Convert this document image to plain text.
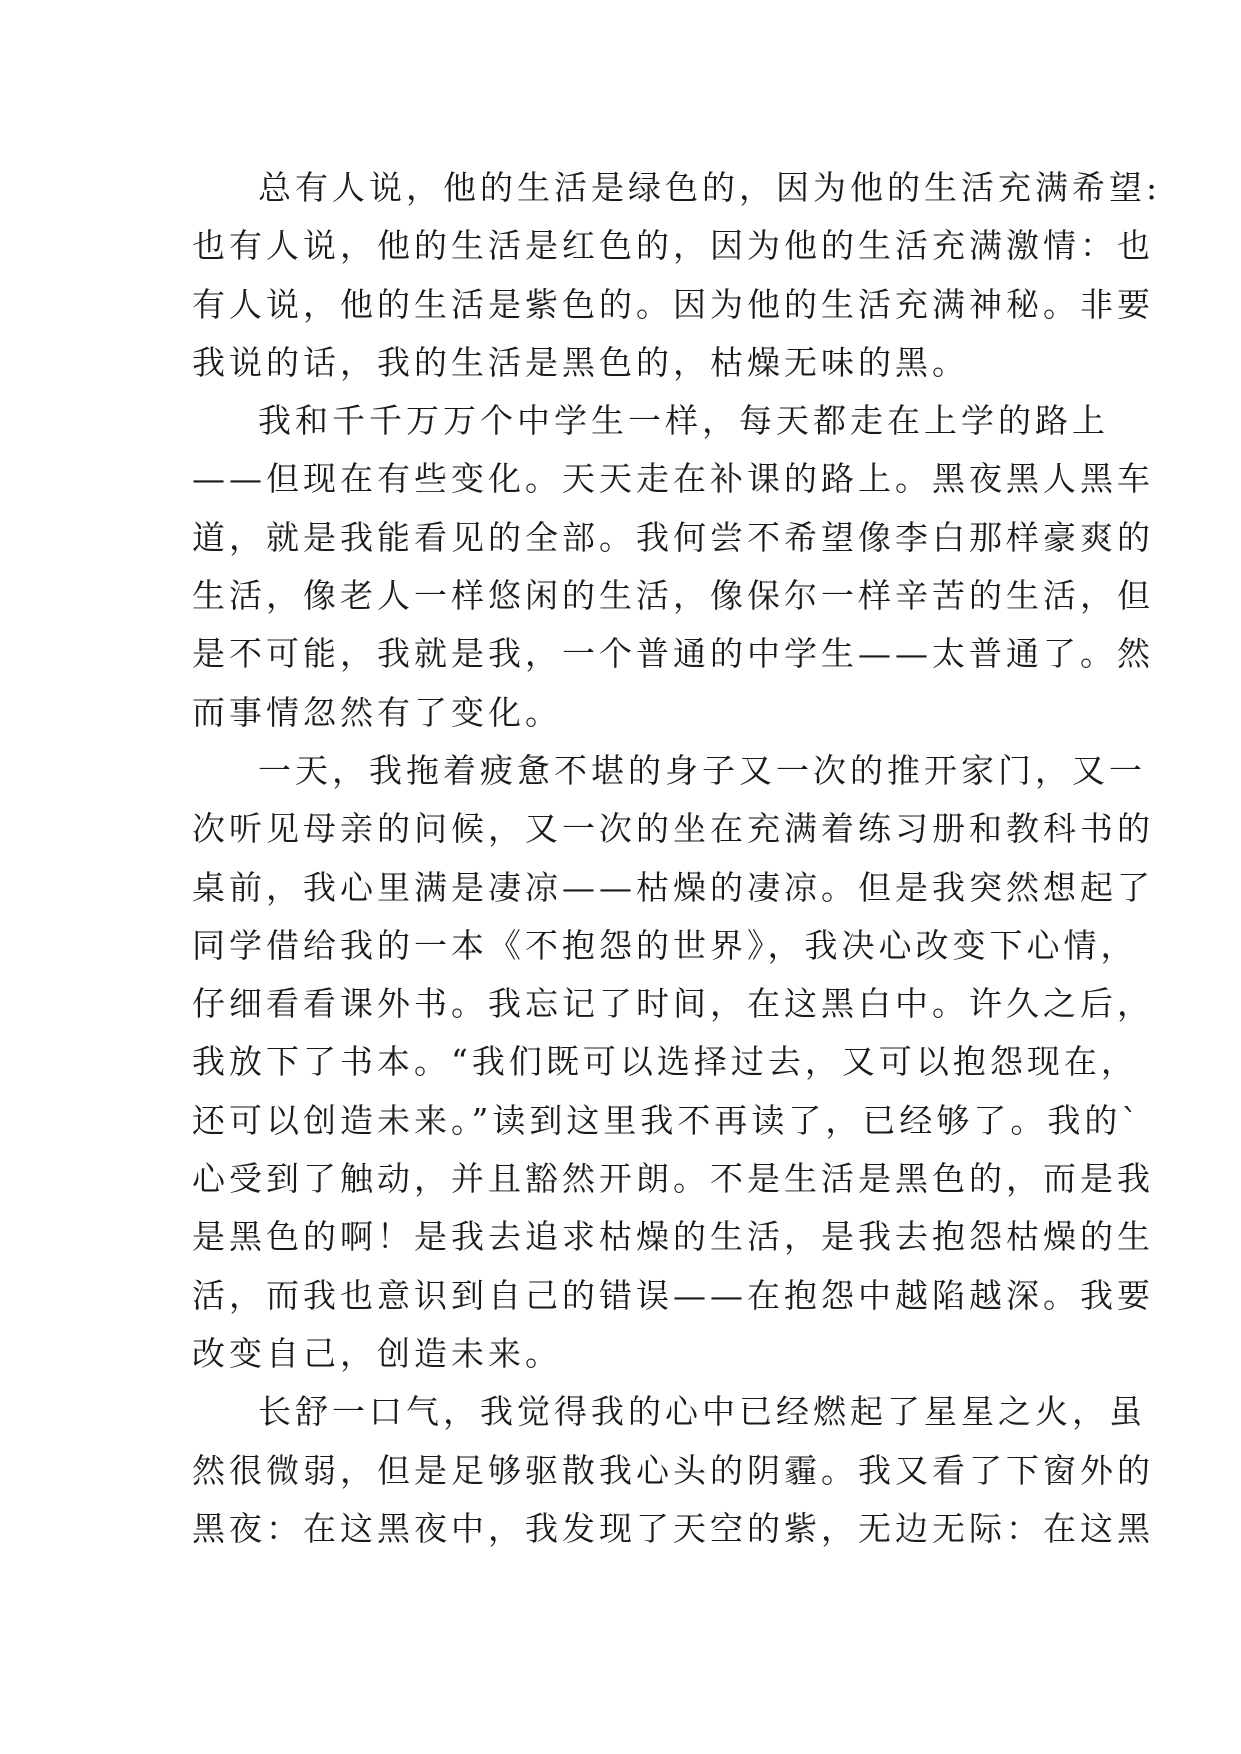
总有人说，他的生活是绿色的，因为他的生活充满希望:
也有人说，他的生活是红色的，因为他的生活充满激情：也
有人说，他的生活是紫色的。因为他的生活充满神秘。非要
我说的话，我的生活是黑色的，枯燥无味的黑。
我和千千万万个中学生一样，每天都走在上学的路上
——但现在有些变化。天天走在补课的路上。黑夜黑人黑车
道，就是我能看见的全部。我何尝不希望像李白那样豪爽的
生活，像老人一样悠闲的生活，像保尔一样辛苦的生活，但
是不可能，我就是我，一个普通的中学生——太普通了。然
而事情忽然有了变化。
一天，我拖着疲惫不堪的身子又一次的推开家门，又一
次听见母亲的问候，又一次的坐在充满着练习册和教科书的
桌前，我心里满是凄凉——枯燥的凄凉。但是我突然想起了
同学借给我的一本《不抱怨的世界》，我决心改变下心情，
仔细看看课外书。我忘记了时间，在这黑白中。许久之后，
我放下了书本。“我们既可以选择过去，又可以抱怨现在，
还可以创造未来。”读到这里我不再读了，已经够了。我的`
心受到了触动，并且豁然开朗。不是生活是黑色的，而是我
是黑色的啊！是我去追求枯燥的生活，是我去抱怨枯燥的生
活，而我也意识到自己的错误——在抱怨中越陷越深。我要
改变自己，创造未来。
长舒一口气，我觉得我的心中已经燃起了星星之火，虽
然很微弱，但是足够驱散我心头的阴霾。我又看了下窗外的
黑夜：在这黑夜中，我发现了天空的紫，无边无际：在这黑
